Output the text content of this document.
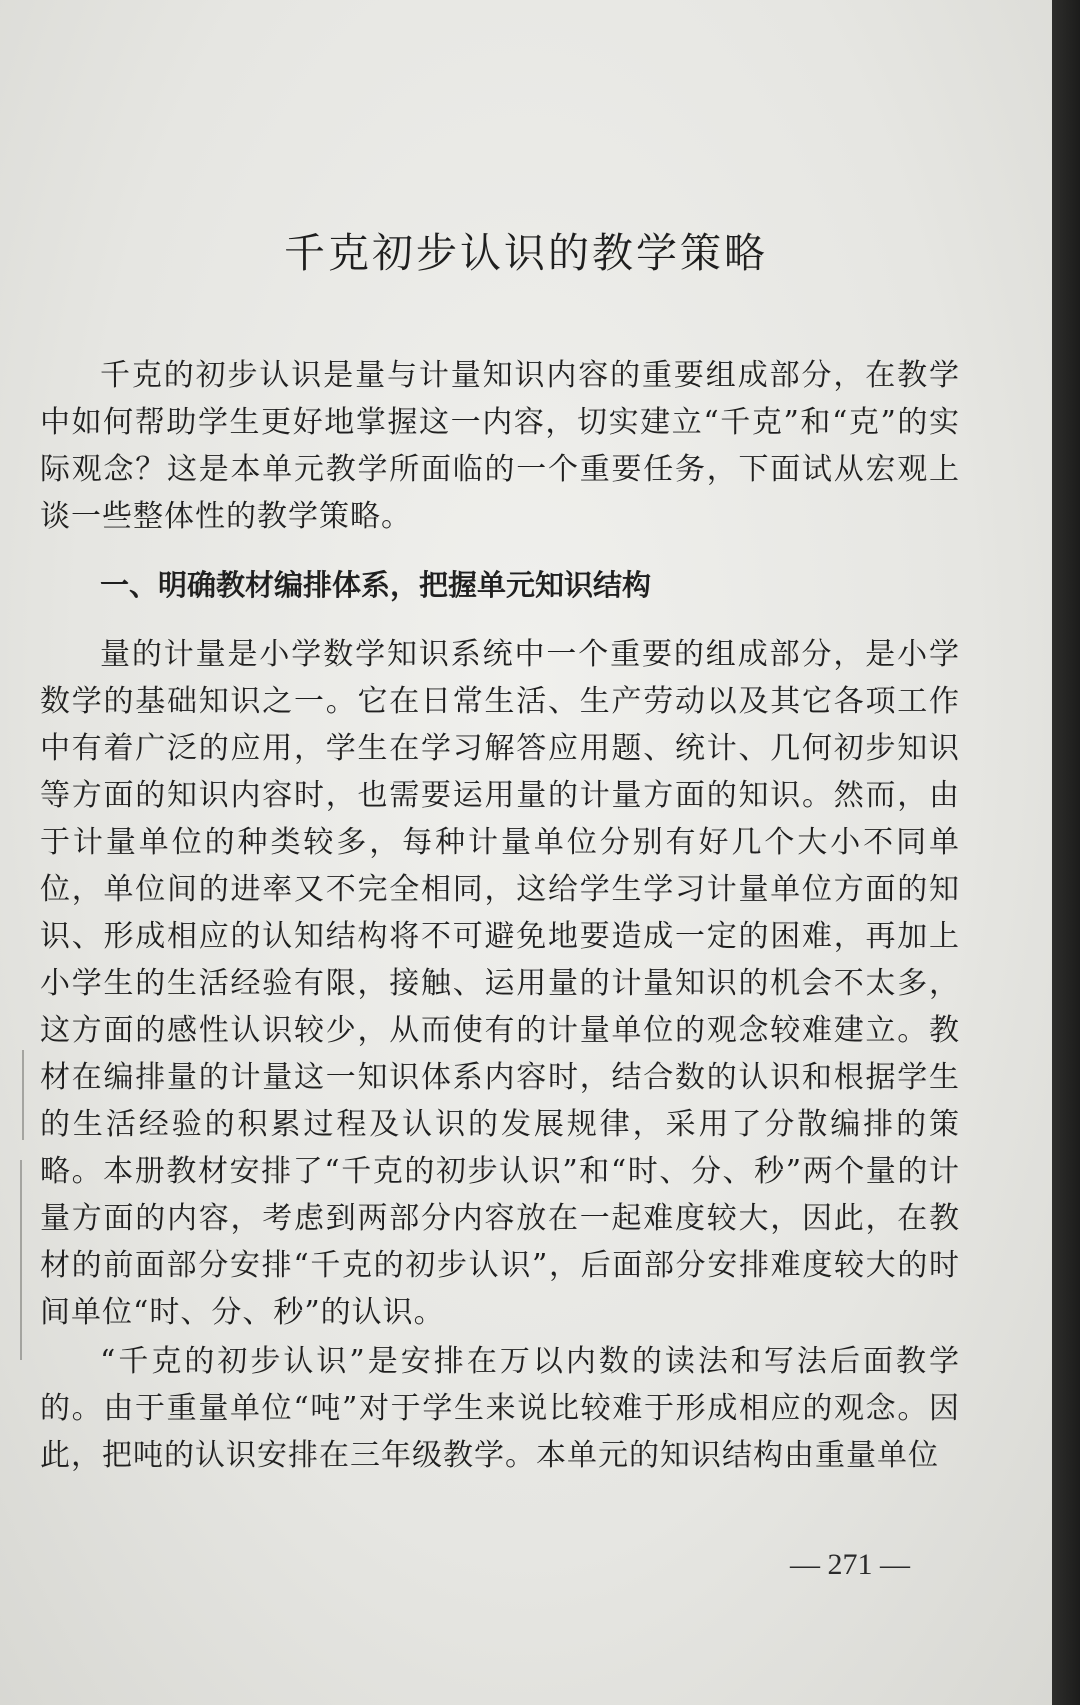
千克初步认识的教学策略

千克的初步认识是量与计量知识内容的重要组成部分，在教学中如何帮助学生更好地掌握这一内容，切实建立“千克”和“克”的实际观念？这是本单元教学所面临的一个重要任务，下面试从宏观上谈一些整体性的教学策略。

一、明确教材编排体系，把握单元知识结构

量的计量是小学数学知识系统中一个重要的组成部分，是小学数学的基础知识之一。它在日常生活、生产劳动以及其它各项工作中有着广泛的应用，学生在学习解答应用题、统计、几何初步知识等方面的知识内容时，也需要运用量的计量方面的知识。然而，由于计量单位的种类较多，每种计量单位分别有好几个大小不同单位，单位间的进率又不完全相同，这给学生学习计量单位方面的知识、形成相应的认知结构将不可避免地要造成一定的困难，再加上小学生的生活经验有限，接触、运用量的计量知识的机会不太多，这方面的感性认识较少，从而使有的计量单位的观念较难建立。教材在编排量的计量这一知识体系内容时，结合数的认识和根据学生的生活经验的积累过程及认识的发展规律，采用了分散编排的策略。本册教材安排了“千克的初步认识”和“时、分、秒”两个量的计量方面的内容，考虑到两部分内容放在一起难度较大，因此，在教材的前面部分安排“千克的初步认识”，后面部分安排难度较大的时间单位“时、分、秒”的认识。

“千克的初步认识”是安排在万以内数的读法和写法后面教学的。由于重量单位“吨”对于学生来说比较难于形成相应的观念。因此，把吨的认识安排在三年级教学。本单元的知识结构由重量单位

— 271 —
